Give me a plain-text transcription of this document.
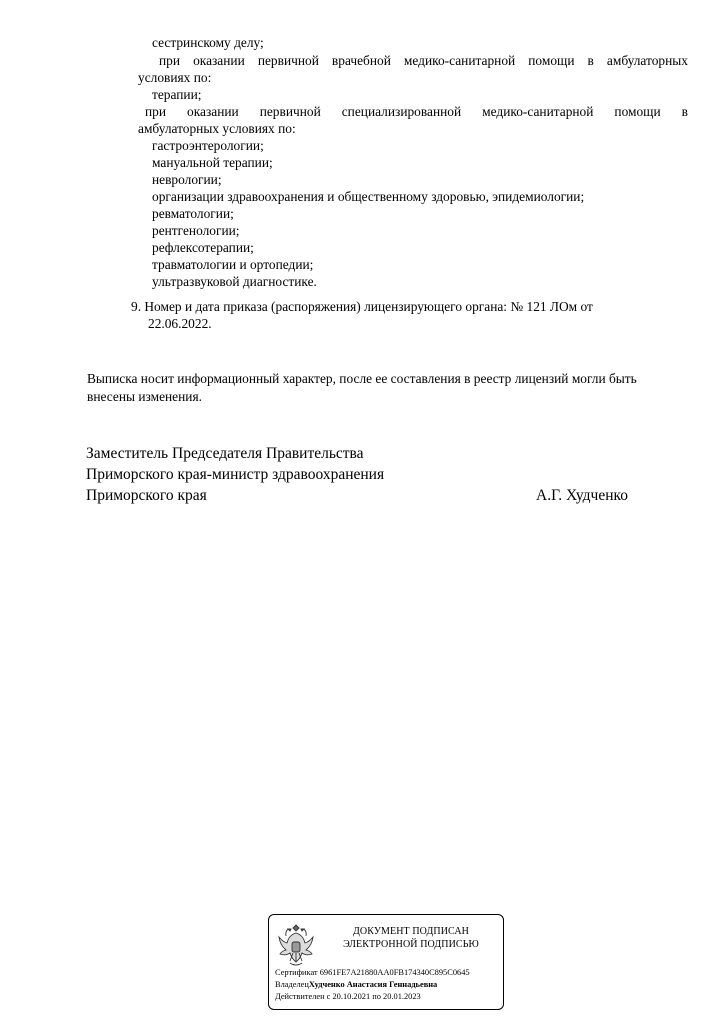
сестринскому делу;
при оказании первичной врачебной медико-санитарной помощи в амбулаторных
условиях по:
терапии;
при оказании первичной специализированной медико-санитарной помощи в
амбулаторных условиях по:
гастроэнтерологии;
мануальной терапии;
неврологии;
организации здравоохранения и общественному здоровью, эпидемиологии;
ревматологии;
рентгенологии;
рефлексотерапии;
травматологии и ортопедии;
ультразвуковой диагностике.
9. Номер и дата приказа (распоряжения) лицензирующего органа: № 121 ЛОм от
22.06.2022.
Выписка носит информационный характер, после ее составления в реестр лицензий могли быть
внесены изменения.
Заместитель Председателя Правительства
Приморского края-министр здравоохранения
Приморского края	А.Г. Худченко
ДОКУМЕНТ ПОДПИСАН
ЭЛЕКТРОННОЙ ПОДПИСЬЮ
Сертификат 6961FE7A21880AA0FB174340C895C0645
ВладелецХудченко Анастасия Геннадьевна
Действителен с 20.10.2021 по 20.01.2023
